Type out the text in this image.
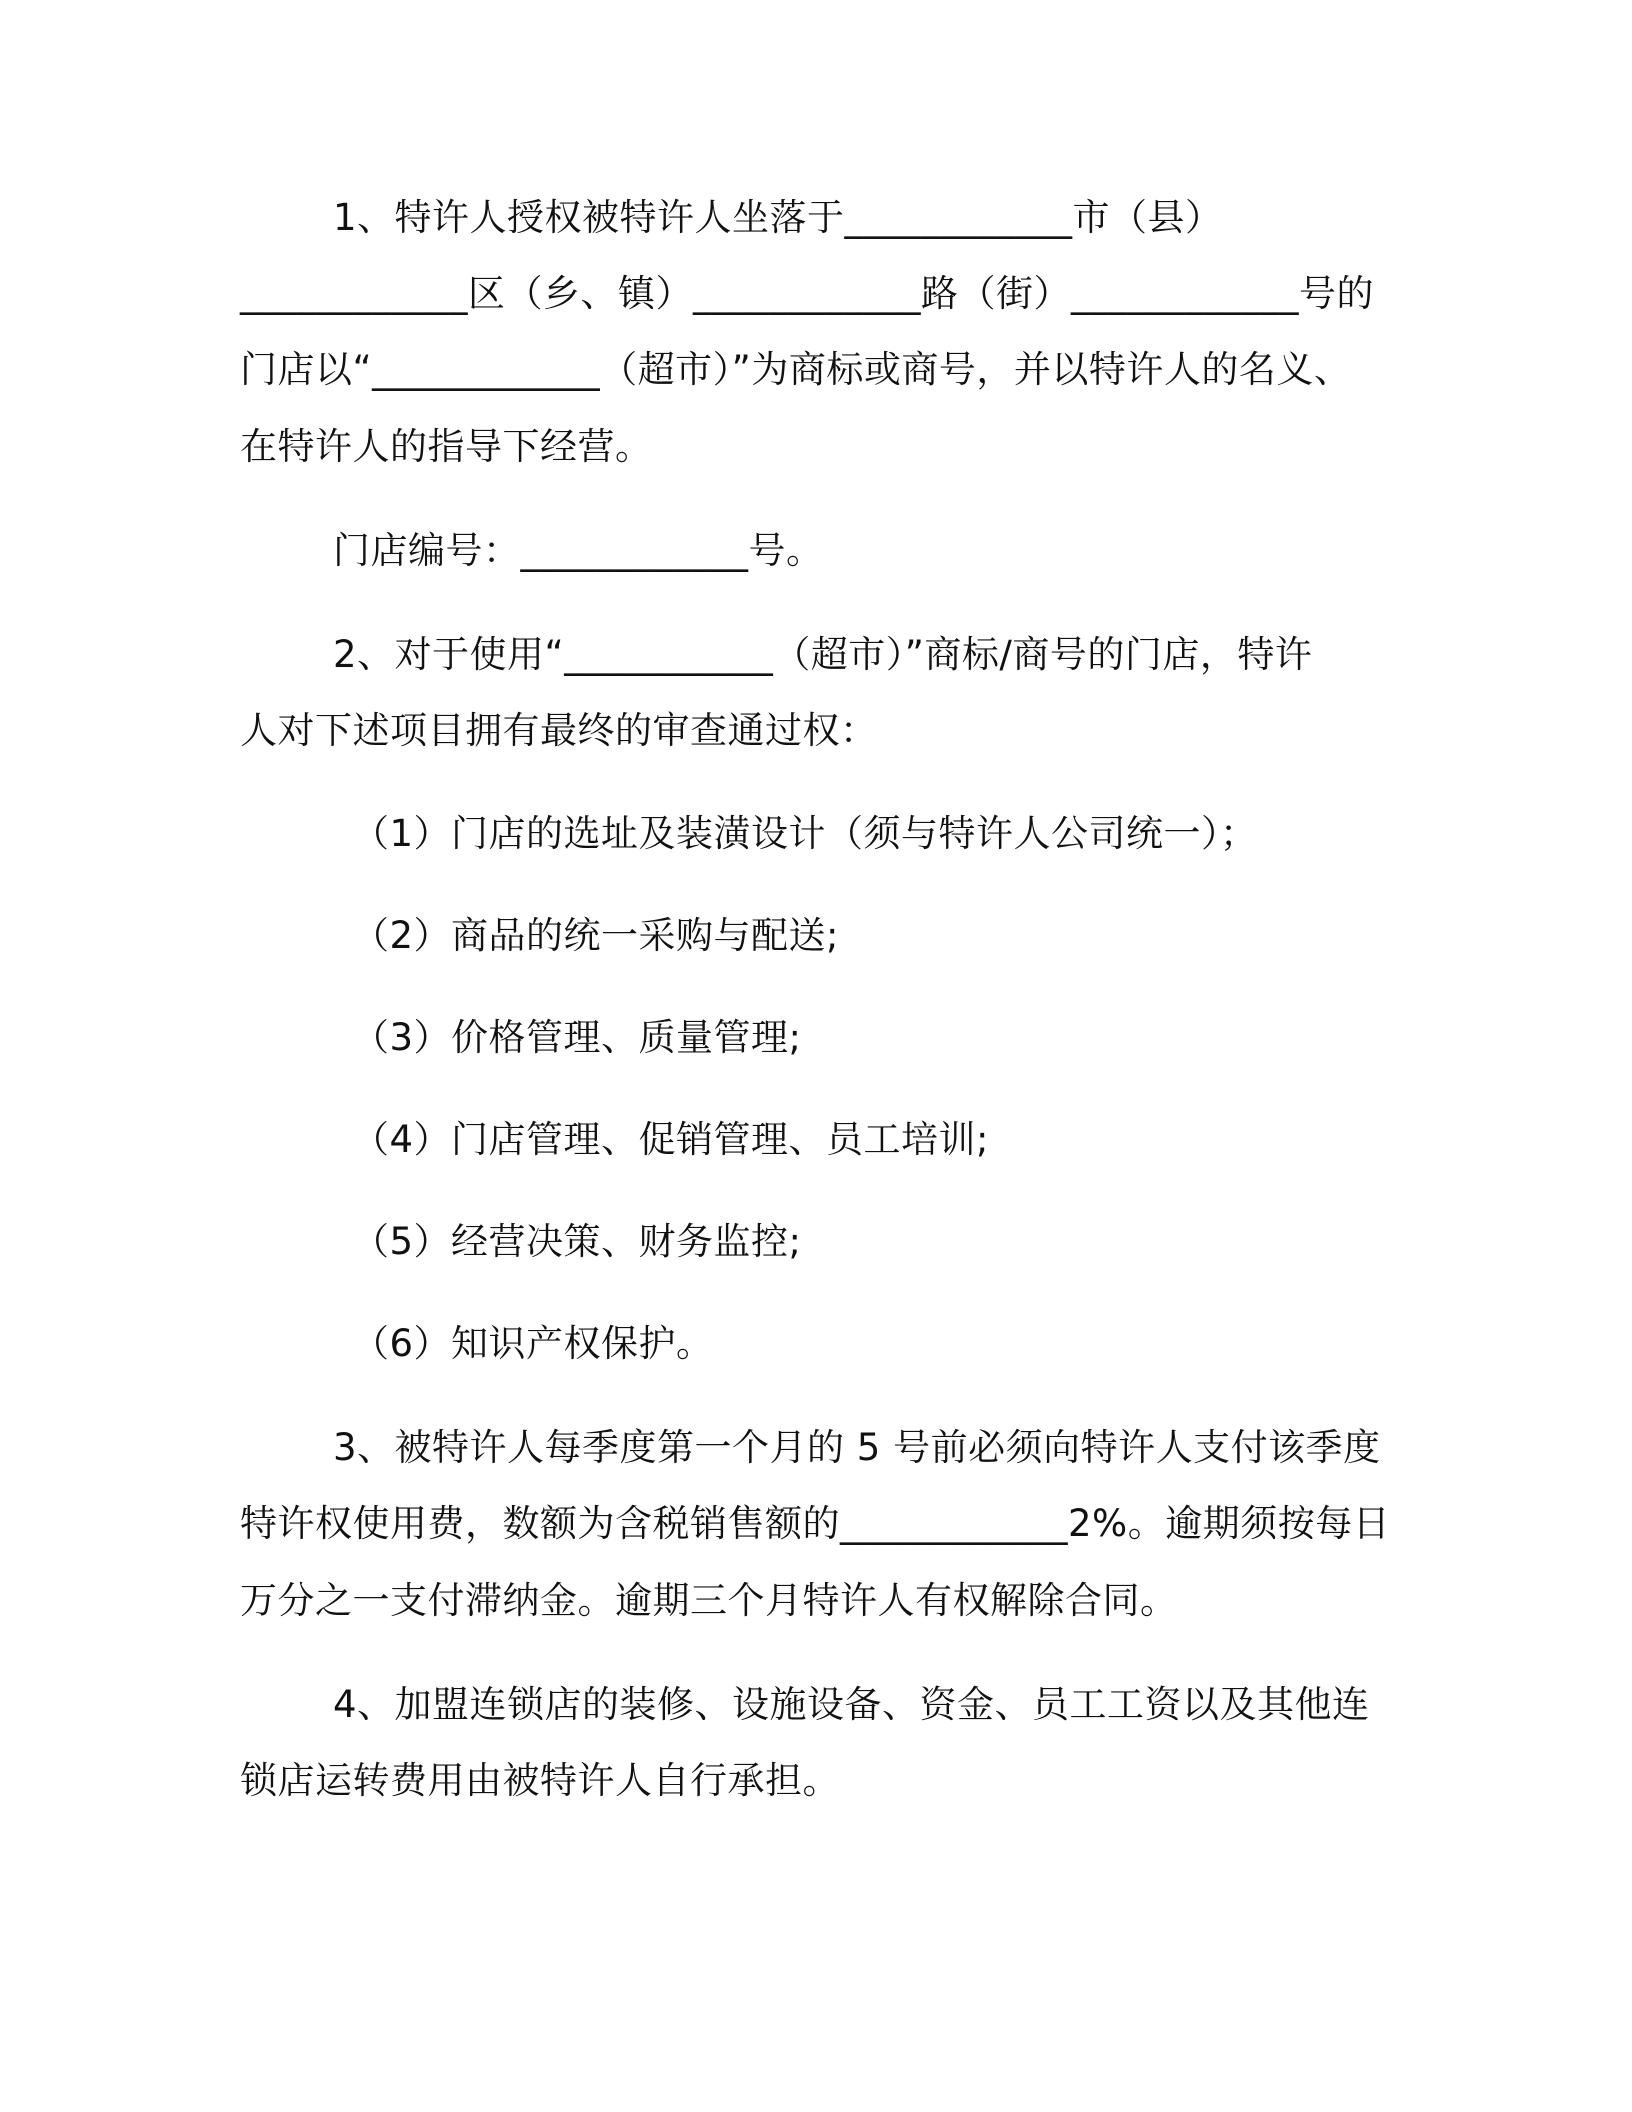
1、特许人授权被特许人坐落于____________市（县）
____________区（乡、镇）____________路（街）____________号的
门店以“____________（超市）”为商标或商号，并以特许人的名义、
在特许人的指导下经营。
门店编号：____________号。
2、对于使用“___________（超市）”商标/商号的门店，特许
人对下述项目拥有最终的审查通过权：
（1）门店的选址及装潢设计（须与特许人公司统一）；
（2）商品的统一采购与配送;
（3）价格管理、质量管理;
（4）门店管理、促销管理、员工培训;
（5）经营决策、财务监控;
（6）知识产权保护。
3、被特许人每季度第一个月的 5 号前必须向特许人支付该季度
特许权使用费，数额为含税销售额的____________2%。逾期须按每日
万分之一支付滞纳金。逾期三个月特许人有权解除合同。
4、加盟连锁店的装修、设施设备、资金、员工工资以及其他连
锁店运转费用由被特许人自行承担。
